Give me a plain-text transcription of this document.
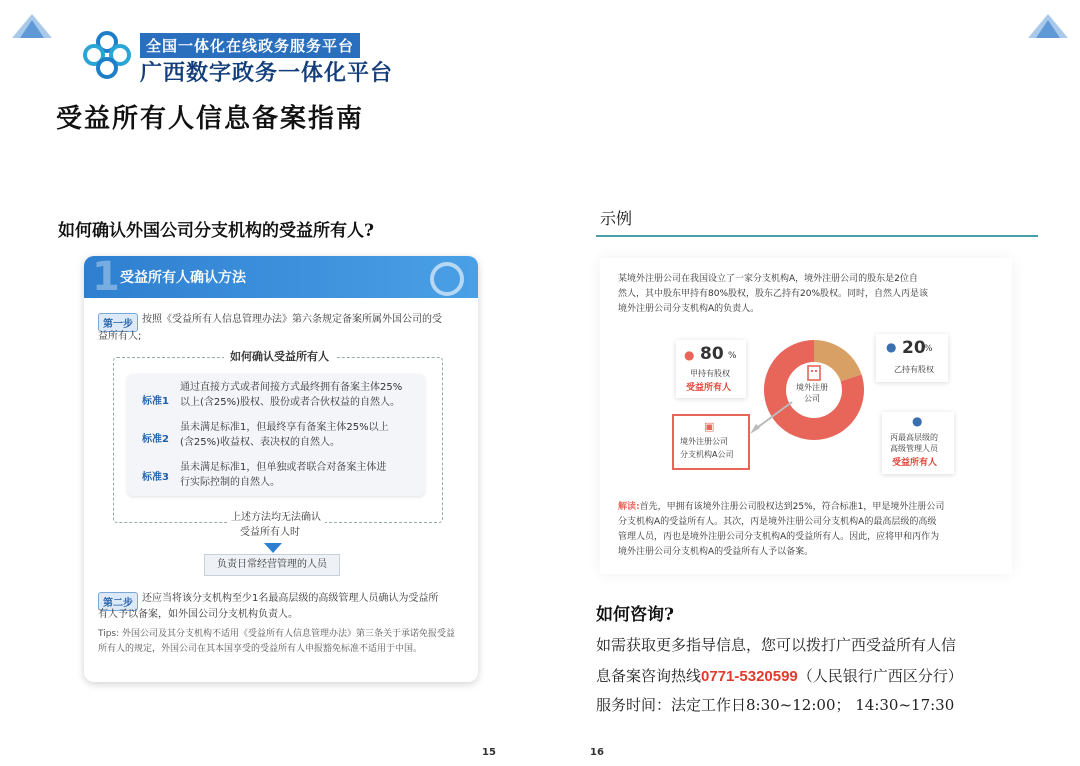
全国一体化在线政务服务平台
广西数字政务一体化平台
受益所有人信息备案指南
如何确认外国公司分支机构的受益所有人?
1 受益所有人确认方法
第一步 按照《受益所有人信息管理办法》第六条规定备案所属外国公司的受
益所有人;
如何确认受益所有人
标准1
通过直接方式或者间接方式最终拥有备案主体25%
以上(含25%)股权、股份或者合伙权益的自然人。
标准2
虽未满足标准1，但最终享有备案主体25%以上
(含25%)收益权、表决权的自然人。
标准3
虽未满足标准1，但单独或者联合对备案主体进
行实际控制的自然人。
上述方法均无法确认
受益所有人时
负责日常经营管理的人员
第二步 还应当将该分支机构至少1名最高层级的高级管理人员确认为受益所
有人予以备案，如外国公司分支机构负责人。
Tips: 外国公司及其分支机构不适用《受益所有人信息管理办法》第三条关于承诺免报受益
所有人的规定，外国公司在其本国享受的受益所有人申报豁免标准不适用于中国。
15
示例
某境外注册公司在我国设立了一家分支机构A，境外注册公司的股东是2位自
然人，其中股东甲持有80%股权，股东乙持有20%股权。同时，自然人丙是该
境外注册公司分支机构A的负责人。
境外注册
公司
● 80 %
甲持有股权
受益所有人
● 20
%
乙持有股权
▣
境外注册公司
分支机构A公司
●
丙最高层级的
高级管理人员
受益所有人
解读:首先，甲拥有该境外注册公司股权达到25%，符合标准1，甲是境外注册公司
分支机构A的受益所有人。其次，丙是境外注册公司分支机构A的最高层级的高级
管理人员，丙也是境外注册公司分支机构A的受益所有人。因此，应将甲和丙作为
境外注册公司分支机构A的受益所有人予以备案。
如何咨询?
如需获取更多指导信息，您可以拨打广西受益所有人信
息备案咨询热线0771-5320599（人民银行广西区分行）
服务时间：法定工作日8:30~12:00； 14:30~17:30
16
